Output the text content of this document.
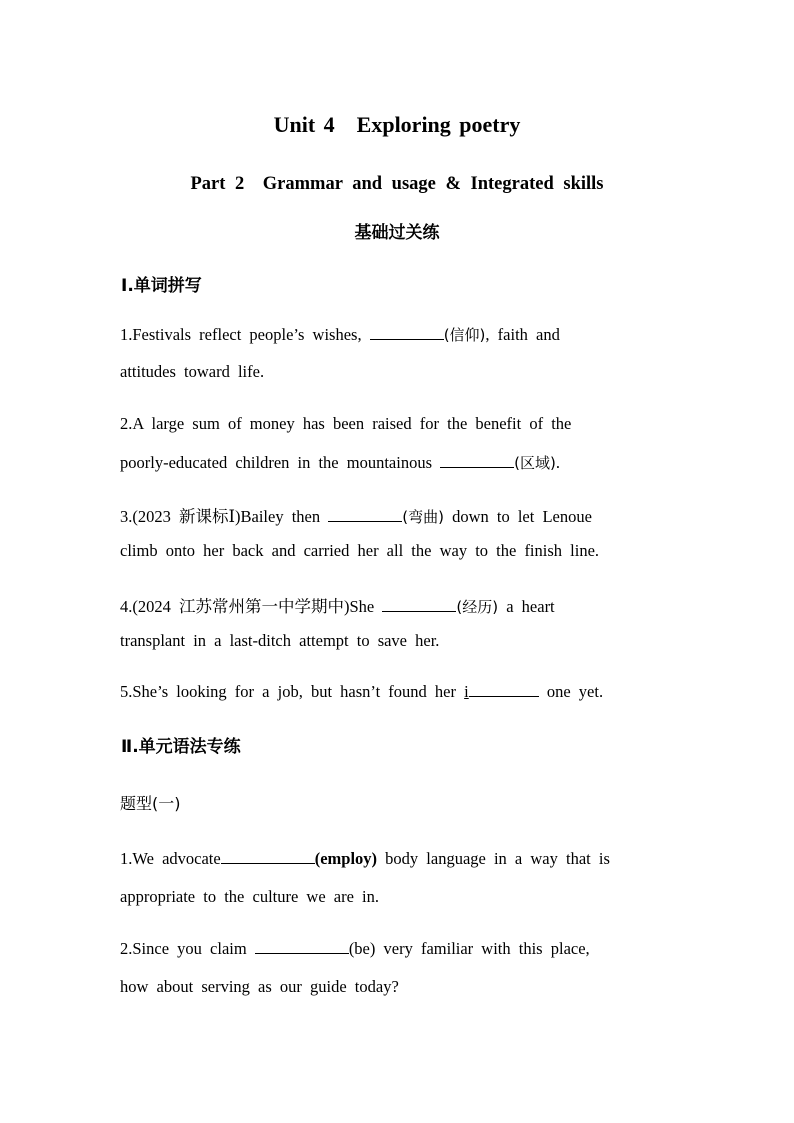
Unit 4　Exploring poetry
Part 2　Grammar and usage & Integrated skills
基础过关练
Ⅰ.单词拼写
1.Festivals reflect people’s wishes,	(信仰), faith and
attitudes toward life.
2.A large sum of money has been raised for the benefit of the
poorly-educated children in the mountainous	(区域).
3.(2023 新课标Ⅰ)Bailey then	(弯曲) down to let Lenoue
climb onto her back and carried her all the way to the finish line.
4.(2024 江苏常州第一中学期中)She	(经历) a heart
transplant in a last-ditch attempt to save her.
5.She’s looking for a job, but hasn’t found her i	one yet.
Ⅱ.单元语法专练
题型(一)
1.We advocate	(employ) body language in a way that is
appropriate to the culture we are in.
2.Since you claim	(be) very familiar with this place,
how about serving as our guide today?
